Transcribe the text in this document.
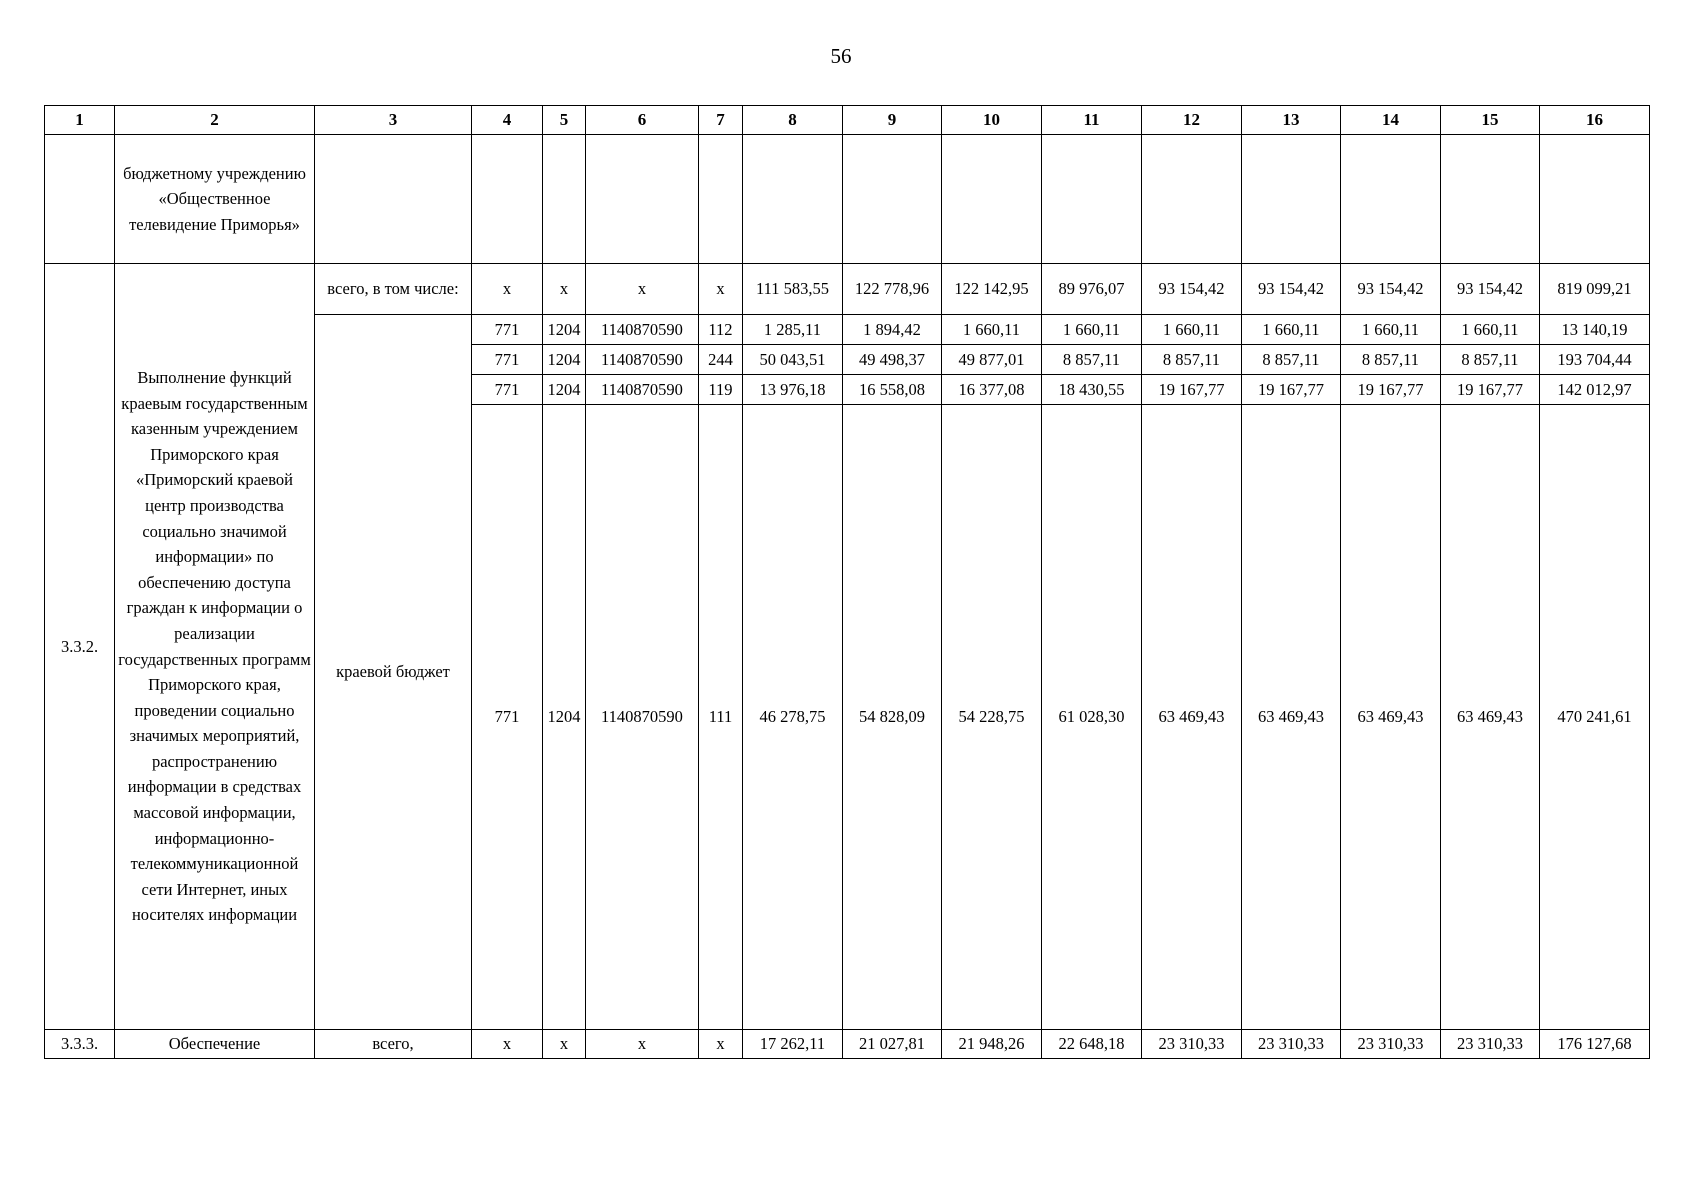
56
1	2	3	4	5	6	7	8	9	10	11	12	13	14	15	16
	бюджетному учреждению «Общественное телевидение Приморья»														
3.3.2.	Выполнение функций краевым государственным казенным учреждением Приморского края «Приморский краевой центр производства социально значимой информации» по обеспечению доступа граждан к информации о реализации государственных программ Приморского края, проведении социально значимых мероприятий, распространению информации в средствах массовой информации, информационно-телекоммуникационной сети Интернет, иных носителях информации	всего, в том числе:	x	x	x	x	111 583,55	122 778,96	122 142,95	89 976,07	93 154,42	93 154,42	93 154,42	93 154,42	819 099,21
		краевой бюджет	771	1204	1140870590	112	1 285,11	1 894,42	1 660,11	1 660,11	1 660,11	1 660,11	1 660,11	1 660,11	13 140,19
			771	1204	1140870590	244	50 043,51	49 498,37	49 877,01	8 857,11	8 857,11	8 857,11	8 857,11	8 857,11	193 704,44
			771	1204	1140870590	119	13 976,18	16 558,08	16 377,08	18 430,55	19 167,77	19 167,77	19 167,77	19 167,77	142 012,97
			771	1204	1140870590	111	46 278,75	54 828,09	54 228,75	61 028,30	63 469,43	63 469,43	63 469,43	63 469,43	470 241,61
3.3.3.	Обеспечение	всего,	x	x	x	x	17 262,11	21 027,81	21 948,26	22 648,18	23 310,33	23 310,33	23 310,33	23 310,33	176 127,68
